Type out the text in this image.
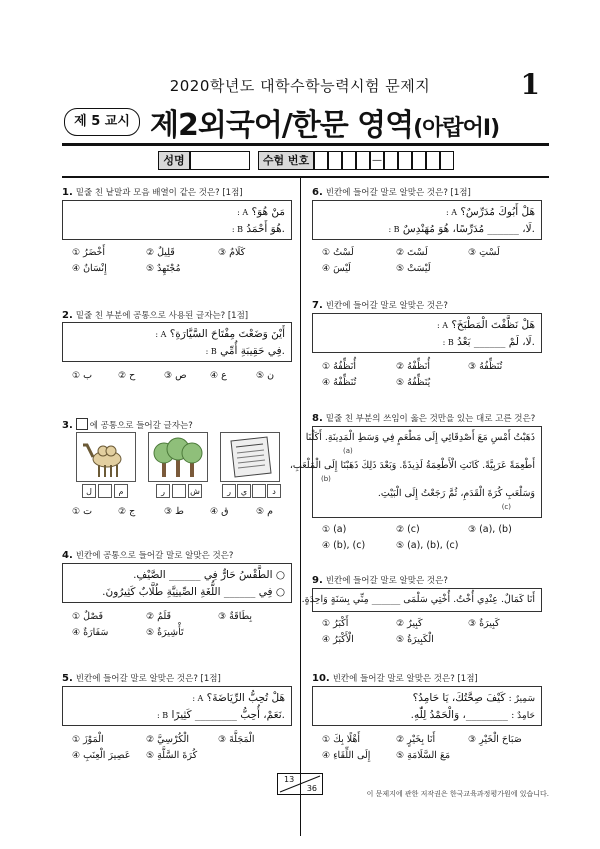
2020학년도 대학수학능력시험 문제지	1
제 5 교시 제2외국어/한문 영역(아랍어Ⅰ)
성명	수험 번호	—
1. 밑줄 친 낱말과 모음 배열이 같은 것은? [1점]
: A مَنْ هُوَ؟
: B هُوَ أَحْمَدُ.
① أَخْضَرُ	② قَلِيلٌ	③ كَلَامٌ
④ إِنْسَانٌ	⑤ مُجْتَهِدٌ
2. 밑줄 친 부분에 공통으로 사용된 글자는? [1점]
: A أَيْنَ وَضَعْتَ مِفْتَاحَ السَّيَّارَةِ؟
: B فِي حَقِيبَةِ أُمِّي.
① ب	② ح	③ ص	④ ع	⑤ ن
3. 에 공통으로 들어갈 글자는?
ل	م	ر	ش	ر	ي	د
① ت	② ج	③ ط	④ ق	⑤ م
4. 빈칸에 공통으로 들어갈 말로 알맞은 것은?
○ الطَّقْسُ حَارٌّ فِي ______ الصَّيْفِ.
○ فِي ______ اللُّغَةِ الصِّينِيَّةِ طُلَّابٌ كَثِيرُونَ.
① فَصْلٌ	② قَلَمٌ	③ بِطَاقَةٌ
④ سَفَارَةٌ	⑤ تَأْشِيرَةٌ
5. 빈칸에 들어갈 말로 알맞은 것은? [1점]
: A هَلْ تُحِبُّ الرِّيَاضَةَ؟
: B نَعَمْ، أُحِبُّ ________ كَثِيرًا.
① الْمَوْزَ	② الْكُرْسِيَّ	③ الْمَجَلَّةَ
④ عَصِيرَ الْعِنَبِ ⑤ كُرَةَ السَّلَّةِ
6. 빈칸에 들어갈 말로 알맞은 것은? [1점]
: A هَلْ أَبُوكَ مُدَرِّسٌ؟
: B لَا، ______ مُدَرِّسًا، هُوَ مُهَنْدِسٌ.
① لَسْتُ	② لَسْتَ	③ لَسْتِ
④ لَيْسَ	⑤ لَيْسَتْ
7. 빈칸에 들어갈 말로 알맞은 것은?
: A هَلْ نَظَّفْتَ الْمَطْبَخَ؟
: B لَا، لَمْ ______ بَعْدُ.
① أُنَظِّفُهُ	② أُنَظِّفْهُ	③ تُنَظِّفُهُ
④ تُنَظِّفْهُ	⑤ يُنَظِّفُهُ
8. 밑줄 친 부분의 쓰임이 옳은 것만을 있는 대로 고른 것은?
ذَهَبْتُ أَمْسِ مَعَ أَصْدِقَائِي إِلَى مَطْعَمٍ فِي وَسَطِ الْمَدِينَةِ. أَكَلْنَا
(a)
أَطْعِمَةً عَرَبِيَّةً. كَانَتِ الْأَطْعِمَةُ لَذِيذَةً. وَبَعْدَ ذَلِكَ ذَهَبْنَا إِلَى الْمَلْعَبِ،
(b)
وَسَلْعَبِ كُرَةَ الْقَدَمِ، ثُمَّ رَجَعْتُ إِلَى الْبَيْتِ.
(c)
① (a)	② (c)	③ (a), (b)
④ (b), (c)	⑤ (a), (b), (c)
9. 빈칸에 들어갈 말로 알맞은 것은?
أَنَا كَمَالٌ. عِنْدِي أُخْتٌ. أُخْتِي سَلْمَى ______ مِنِّي بِسَنَةٍ وَاحِدَةٍ.
① أَكْبَرُ	② كَبِيرٌ	③ كَبِيرَةٌ
④ الْأَكْبَرُ	⑤ الْكَبِيرَةُ
10. 빈칸에 들어갈 말로 알맞은 것은? [1점]
سَمِيرٌ : كَيْفَ صِحَّتُكَ، يَا حَامِدُ؟
حَامِدٌ : ________، وَالْحَمْدُ لِلّٰهِ.
① أَهْلًا بِكَ	② أَنَا بِخَيْرٍ	③ صَبَاحَ الْخَيْرِ
④ إِلَى اللِّقَاءِ	⑤ مَعَ السَّلَامَةِ
13
36
이 문제지에 관한 저작권은 한국교육과정평가원에 있습니다.
